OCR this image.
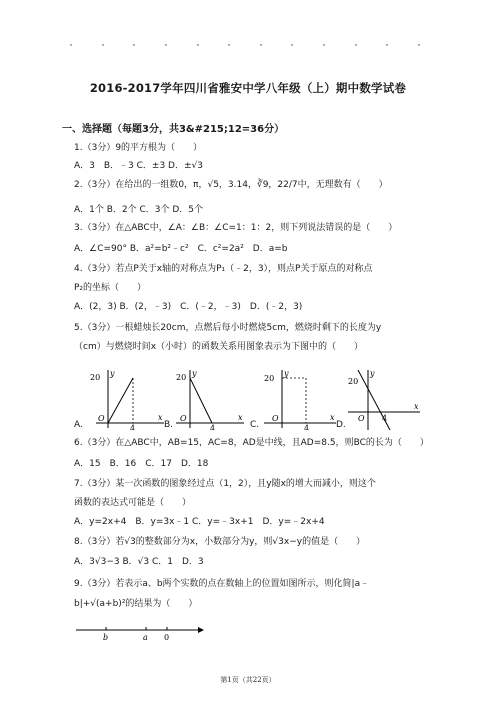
2016-2017学年四川省雅安中学八年级（上）期中数学试卷
一、选择题（每题3分，共3&#215;12=36分）
1.（3分）9的平方根为（　　）
A．3　B．﹣3 C．±3 D．±√3
2.（3分）在给出的一组数0，π，√5，3.14，∛9，22/7中，无理数有（　　）
A．1个 B．2个 C．3个 D．5个
3.（3分）在△ABC中，∠A：∠B：∠C=1：1：2，则下列说法错误的是（　　）
A．∠C=90° B．a²=b²﹣c²　C．c²=2a²　D．a=b
4.（3分）若点P关于x轴的对称点为P₁（﹣2，3），则点P关于原点的对称点
P₂的坐标（　　）
A．(2，3) B．(2，﹣3)　C．(﹣2，﹣3)　D．(﹣2，3)
5.（3分）一根蜡烛长20cm，点燃后每小时燃烧5cm，燃烧时剩下的长度为y
（cm）与燃烧时间x（小时）的函数关系用图象表示为下图中的（　　）
20 y
O
4
x
20 y
O
4
x
20
y
O
4
x
20
y
O 4
x
A.	B.	C.	D.
6.（3分）在△ABC中，AB=15，AC=8，AD是中线，且AD=8.5，则BC的长为（　　）
A．15　B．16　C．17　D．18
7.（3分）某一次函数的图象经过点（1，2），且y随x的增大而减小，则这个
函数的表达式可能是（　　）
A．y=2x+4　B．y=3x﹣1 C．y=﹣3x+1　D．y=﹣2x+4
8.（3分）若√3的整数部分为x，小数部分为y，则√3x−y的值是（　　）
A．3√3−3 B．√3 C．1　D．3
9.（3分）若表示a、b两个实数的点在数轴上的位置如图所示，则化简|a﹣
b|+√(a+b)²的结果为（　　）
b	a 0
第1页（共22页）
